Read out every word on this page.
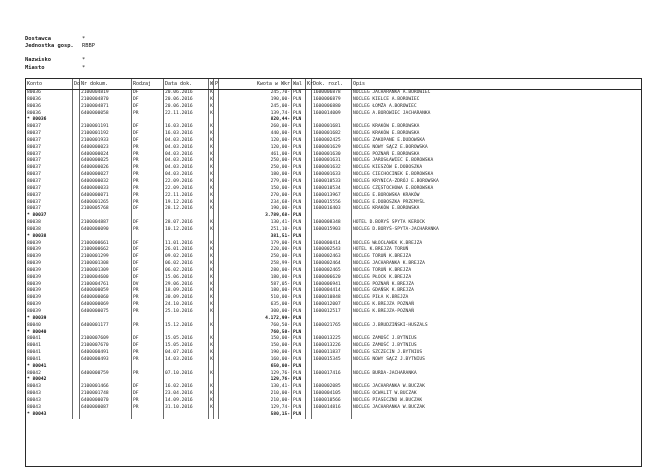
Dostawca	*
Jednostka gosp.	RBBP
Nazwisko	*
Miasto	*
Konto	Do Nr dokum.	Rodzaj	Data dok.	W P	Kwota w Wkr Wal Kr Dok. rozl.	Opis
80036	2100004819	DF	20.06.2016	K	245,70- PLN	1600006878	NOCLEG JACHARANKA A.BOROWIEC
80036	2100004870	DF	20.06.2016	K	190,00- PLN	1600006879	NOCLEG KIELCE A.BOROWIEC
80036	2100004871	DF	20.06.2016	K	245,00- PLN	1600006880	NOCLEG ŁOMŻA A.BOROWIEC
80036	6400000058	PR	22.11.2016	K	139,74- PLN	1600014009	NOCLEG A.BOROWIEC JACHARANKA
* 80036	820,44- PLN
80037	2100001191	DF	16.03.2016	K	260,00- PLN	1600001681	NOCLEG KRAKÓW E.BOROWSKA
80037	2100001192	DF	16.03.2016	K	440,00- PLN	1600001682	NOCLEG KRAKÓW E.BOROWSKA
80037	2100001933	DF	04.03.2016	K	120,00- PLN	1600002425	NOCLEG ZAKOPANE E.DUDOWSKA
80037	6400000023	PR	04.03.2016	K	120,00- PLN	1600001629	NOCLEG NOWY SĄCZ E.BOROWSKA
80037	6400000024	PR	04.03.2016	K	461,00- PLN	1600001630	NOCLEG POZNAŃ E.BOROWSKA
80037	6400000025	PR	04.03.2016	K	250,00- PLN	1600001631	NOCLEG JAROSŁAWIEC E.BOROWSKA
80037	6400000026	PR	04.03.2016	K	250,00- PLN	1600001632	NOCLEG KIESZÓW E.DOBOSZKA
80037	6400000027	PR	04.03.2016	K	180,00- PLN	1600001633	NOCLEG CIECHOCINEK E.BOROWSKA
80037	6400000032	PR	22.09.2016	K	279,00- PLN	1600010533	NOCLEG KRYNICA-ZDRÓJ E.BOROWSKA
80037	6400000033	PR	22.09.2016	K	150,00- PLN	1600010534	NOCLEG CZĘSTOCHOWA E.BOROWSKA
80037	6400000071	PR	22.11.2016	K	270,00- PLN	1600013967	NOCLEG E.BOROWSKA KRAKÓW
80037	6400001265	PR	19.12.2016	K	234,68- PLN	1600015556	NOCLEG E.DOBOSZKA PRZEMYŚL
80037	2100005768	DF	28.12.2016	K	190,00- PLN	1600016403	NOCLEG KRAKÓW E.BOROWSKA
* 80037	3.789,68- PLN
80038	2100004887	DF	28.07.2016	K	130,41- PLN	1600008348	HOTEL D.BORYŚ SPYTA KEROCK
80038	6400000090	PR	10.12.2016	K	251,10- PLN	1600015903	NOCLEG D.BORYŚ-SPYTA-JACHARANKA
* 80038	381,51- PLN
80039	2100000661	DF	11.01.2016	K	179,00- PLN	1600000414	NOCLEG WŁOCŁAWEK K.BREJZA
80039	2100000662	DF	26.01.2016	K	220,00- PLN	1600002543	HOTEL K.BREJZA TORUŃ
80039	2100001299	DF	09.02.2016	K	250,00- PLN	1600002463	NOCLEG TORUŃ K.BREJZA
80039	2100001308	DF	06.02.2016	K	258,99- PLN	1600002464	NOCLEG JACHARANKA K.BREJZA
80039	2100001309	DF	06.02.2016	K	280,00- PLN	1600002465	NOCLEG TORUŃ K.BREJZA
80039	2100004600	DF	15.06.2016	K	180,00- PLN	1600006620	NOCLEG PŁOCK K.BREJZA
80039	2100004761	DV	29.06.2016	K	587,05- PLN	1600006941	NOCLEG POZNAŃ K.BREJZA
80039	6400000059	PR	18.09.2016	K	180,00- PLN	1600004414	NOCLEG GDAŃSK K.BREJZA
80039	6400000060	PR	30.09.2016	K	510,00- PLN	1600010848	NOCLEG PIŁA K.BREJZA
80039	6400000069	PR	24.10.2016	K	635,00- PLN	1600012007	NOCLEG K.BREJZA POZNAŃ
80039	6400000075	PR	25.10.2016	K	300,00- PLN	1600012517	NOCLEG K.BREJZA-POZNAŃ
* 80039	4.172,99- PLN
80040	6400001177	PR	15.12.2016	K	760,50- PLN	1600021765	NOCLEG J.BRUDZIŃSKI-HUSZALS
* 80040	760,50- PLN
80041	2100007609	DF	15.05.2016	K	150,00- PLN	1600013225	NOCLEG ZAMOŚĆ J.BYTNIUS
80041	2100007670	DF	15.05.2016	K	150,00- PLN	1600013226	NOCLEG ZAMOŚĆ J.BYTNIUS
80041	6400000491	PR	04.07.2016	K	190,00- PLN	1600011837	NOCLEG SZCZECIN J.BYTNIUS
80041	6400000493	PR	14.03.2016	K	160,00- PLN	1600015345	NOCLEG NOWY SĄCZ J.BYTNIUS
* 80041	650,00- PLN
80042	6400000759	PR	07.10.2016	K	129,76- PLN	1600017416	NOCLEG BURDA-JACHARANKA
* 80042	129,76- PLN
80043	2100001466	DF	16.02.2016	K	130,41- PLN	1600002085	NOCLEG JACHARANKA W.BUCZAK
80043	2100001748	DF	23.04.2016	K	210,00- PLN	1600004105	NOCLEG OCWALIT W.BUCZAK
80043	6400000070	PR	14.09.2016	K	210,00- PLN	1600010566	NOCLEG PIASECZNO W.BUCZAK
80043	6400000087	PR	31.10.2016	K	129,74- PLN	1600014816	NOCLEG JACHARANKA W.BUCZAK
* 80043	580,15- PLN
